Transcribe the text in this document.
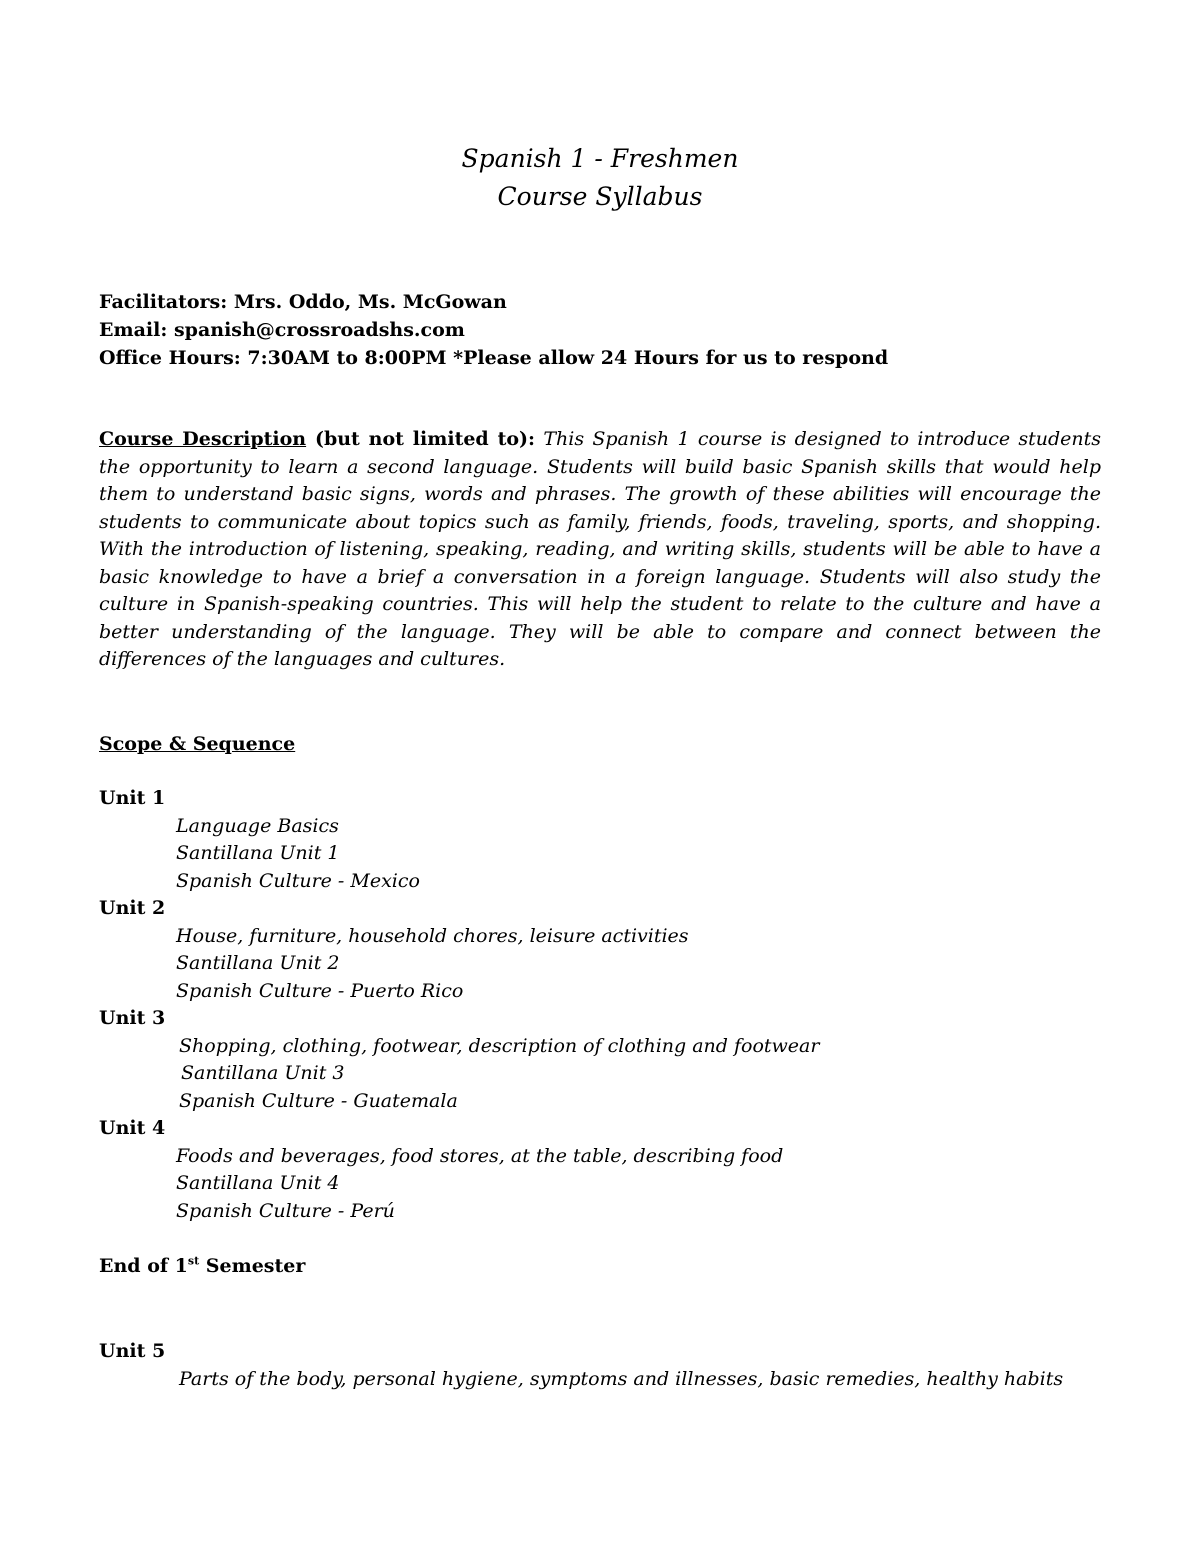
Spanish 1 - Freshmen
Course Syllabus
Facilitators: Mrs. Oddo, Ms. McGowan
Email: spanish@crossroadshs.com
Office Hours: 7:30AM to 8:00PM *Please allow 24 Hours for us to respond
Course Description (but not limited to): This Spanish 1 course is designed to introduce students the opportunity to learn a second language. Students will build basic Spanish skills that would help them to understand basic signs, words and phrases. The growth of these abilities will encourage the students to communicate about topics such as family, friends, foods, traveling, sports, and shopping. With the introduction of listening, speaking, reading, and writing skills, students will be able to have a basic knowledge to have a brief a conversation in a foreign language. Students will also study the culture in Spanish-speaking countries. This will help the student to relate to the culture and have a better understanding of the language. They will be able to compare and connect between the differences of the languages and cultures.
Scope & Sequence
Unit 1
Language Basics
Santillana Unit 1
Spanish Culture - Mexico
Unit 2
House, furniture, household chores, leisure activities
Santillana Unit 2
Spanish Culture - Puerto Rico
Unit 3
Shopping, clothing, footwear, description of clothing and footwear
Santillana Unit 3
Spanish Culture - Guatemala
Unit 4
Foods and beverages, food stores, at the table, describing food
Santillana Unit 4
Spanish Culture - Perú
End of 1st Semester
Unit 5
Parts of the body, personal hygiene, symptoms and illnesses, basic remedies, healthy habits
